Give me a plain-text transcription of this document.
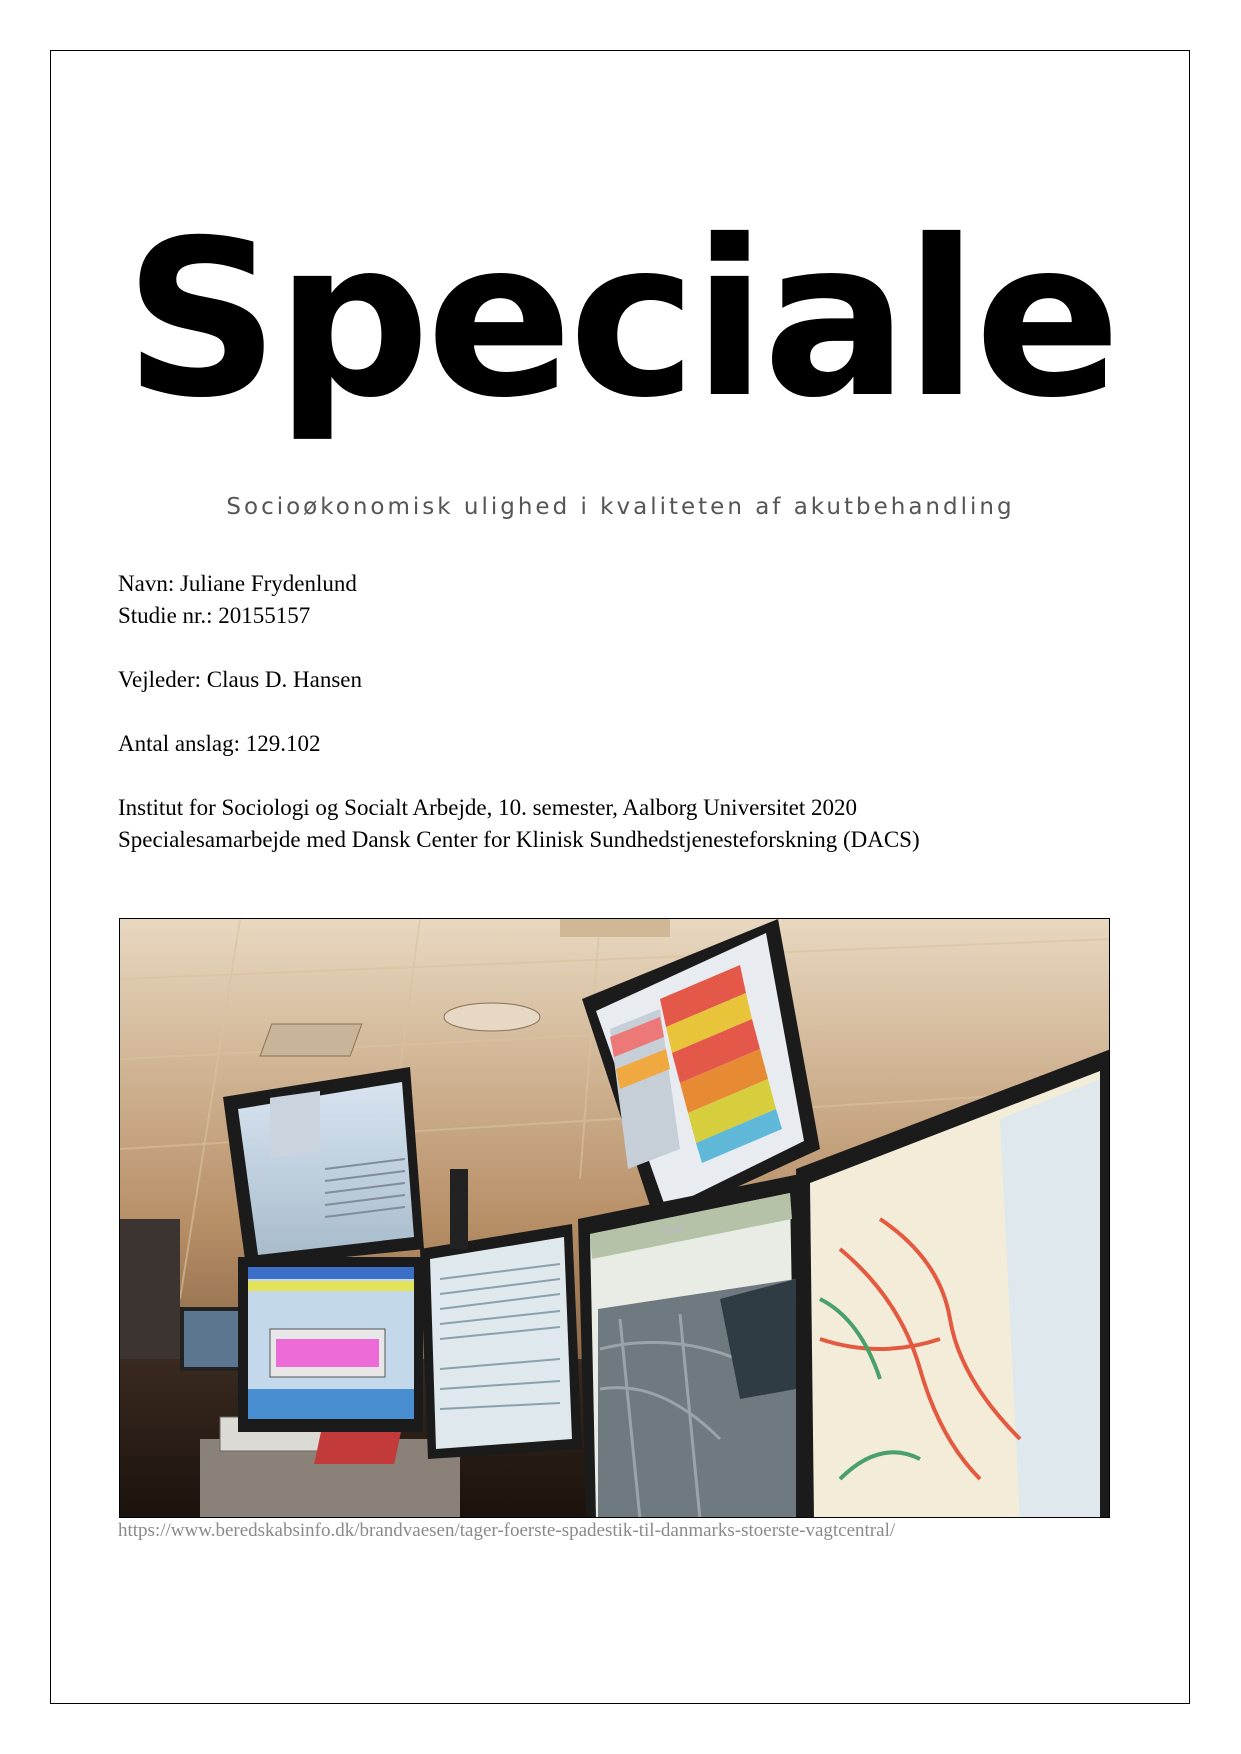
Speciale
Socioøkonomisk ulighed i kvaliteten af akutbehandling

Navn: Juliane Frydenlund

Studie nr.: 20155157

Vejleder: Claus D. Hansen

Antal anslag: 129.102

Institut for Sociologi og Socialt Arbejde, 10. semester, Aalborg Universitet 2020

Specialesamarbejde med Dansk Center for Klinisk Sundhedstjenesteforskning (DACS)

IBM
https://www.beredskabsinfo.dk/brandvaesen/tager-foerste-spadestik-til-danmarks-stoerste-vagtcentral/
